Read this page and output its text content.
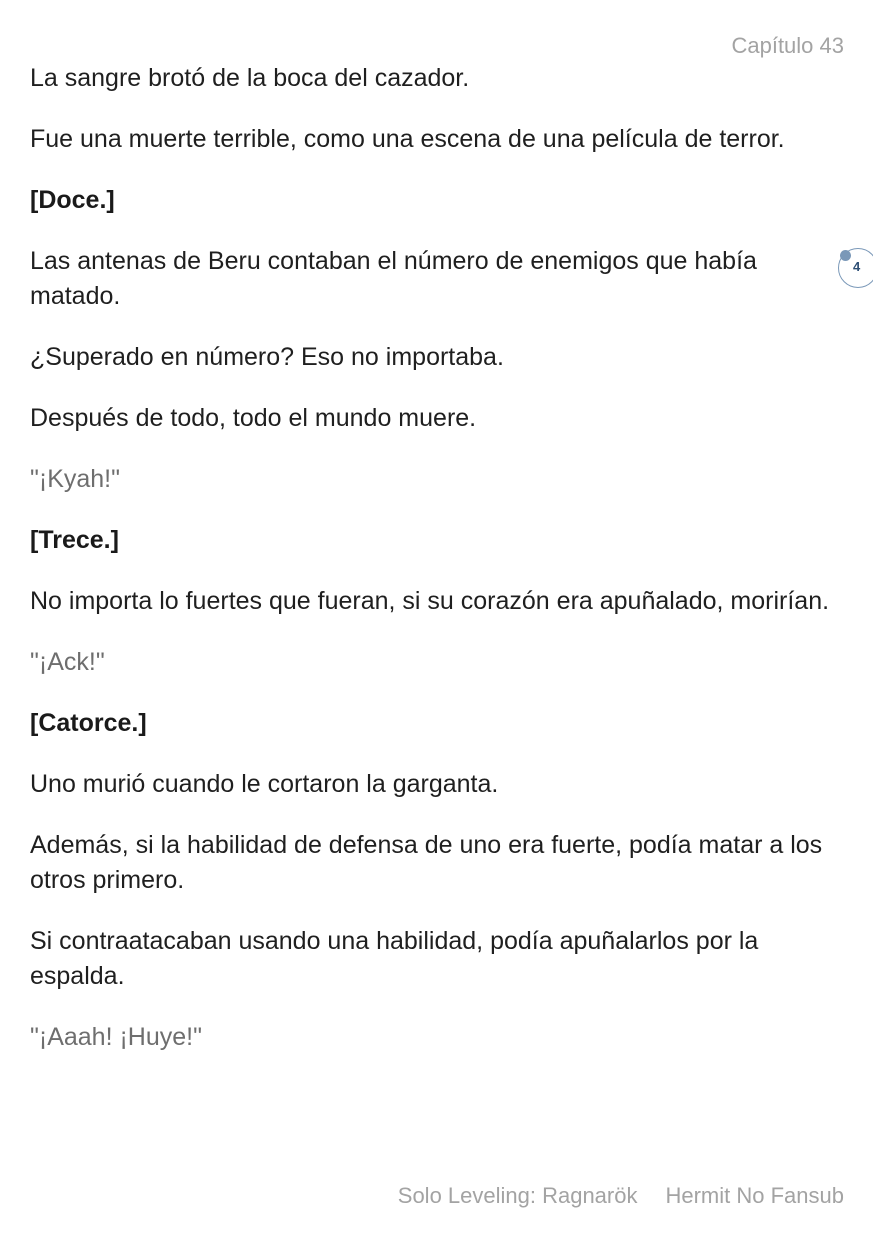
Capítulo 43
4

La sangre brotó de la boca del cazador.

Fue una muerte terrible, como una escena de una película de terror.

[Doce.]

Las antenas de Beru contaban el número de enemigos que había matado.

¿Superado en número? Eso no importaba.

Después de todo, todo el mundo muere.

"¡Kyah!"

[Trece.]

No importa lo fuertes que fueran, si su corazón era apuñalado, morirían.

"¡Ack!"

[Catorce.]

Uno murió cuando le cortaron la garganta.

Además, si la habilidad de defensa de uno era fuerte, podía matar a los otros primero.

Si contraatacaban usando una habilidad, podía apuñalarlos por la espalda.

"¡Aaah! ¡Huye!"

Solo Leveling: Ragnarök Hermit No Fansub
